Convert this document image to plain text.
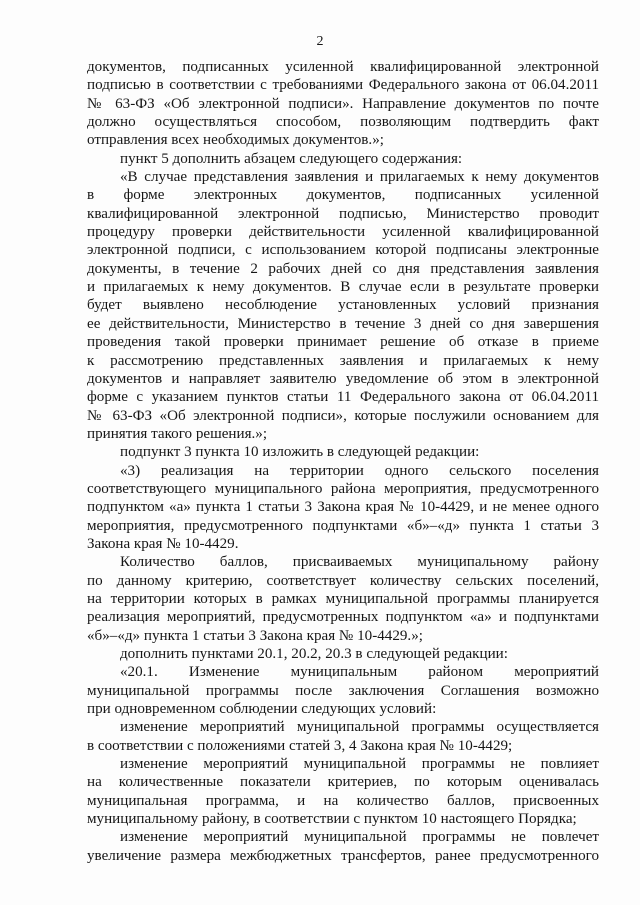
2
документов, подписанных усиленной квалифицированной электронной
подписью в соответствии с требованиями Федерального закона от 06.04.2011
№ 63-ФЗ «Об электронной подписи». Направление документов по почте
должно осуществляться способом, позволяющим подтвердить факт
отправления всех необходимых документов.»;
пункт 5 дополнить абзацем следующего содержания:
«В случае представления заявления и прилагаемых к нему документов
в форме электронных документов, подписанных усиленной
квалифицированной электронной подписью, Министерство проводит
процедуру проверки действительности усиленной квалифицированной
электронной подписи, с использованием которой подписаны электронные
документы, в течение 2 рабочих дней со дня представления заявления
и прилагаемых к нему документов. В случае если в результате проверки
будет выявлено несоблюдение установленных условий признания
ее действительности, Министерство в течение 3 дней со дня завершения
проведения такой проверки принимает решение об отказе в приеме
к рассмотрению представленных заявления и прилагаемых к нему
документов и направляет заявителю уведомление об этом в электронной
форме с указанием пунктов статьи 11 Федерального закона от 06.04.2011
№ 63-ФЗ «Об электронной подписи», которые послужили основанием для
принятия такого решения.»;
подпункт 3 пункта 10 изложить в следующей редакции:
«3) реализация на территории одного сельского поселения
соответствующего муниципального района мероприятия, предусмотренного
подпунктом «а» пункта 1 статьи 3 Закона края № 10-4429, и не менее одного
мероприятия, предусмотренного подпунктами «б»–«д» пункта 1 статьи 3
Закона края № 10-4429.
Количество баллов, присваиваемых муниципальному району
по данному критерию, соответствует количеству сельских поселений,
на территории которых в рамках муниципальной программы планируется
реализация мероприятий, предусмотренных подпунктом «а» и подпунктами
«б»–«д» пункта 1 статьи 3 Закона края № 10-4429.»;
дополнить пунктами 20.1, 20.2, 20.3 в следующей редакции:
«20.1. Изменение муниципальным районом мероприятий
муниципальной программы после заключения Соглашения возможно
при одновременном соблюдении следующих условий:
изменение мероприятий муниципальной программы осуществляется
в соответствии с положениями статей 3, 4 Закона края № 10-4429;
изменение мероприятий муниципальной программы не повлияет
на количественные показатели критериев, по которым оценивалась
муниципальная программа, и на количество баллов, присвоенных
муниципальному району, в соответствии с пунктом 10 настоящего Порядка;
изменение мероприятий муниципальной программы не повлечет
увеличение размера межбюджетных трансфертов, ранее предусмотренного
